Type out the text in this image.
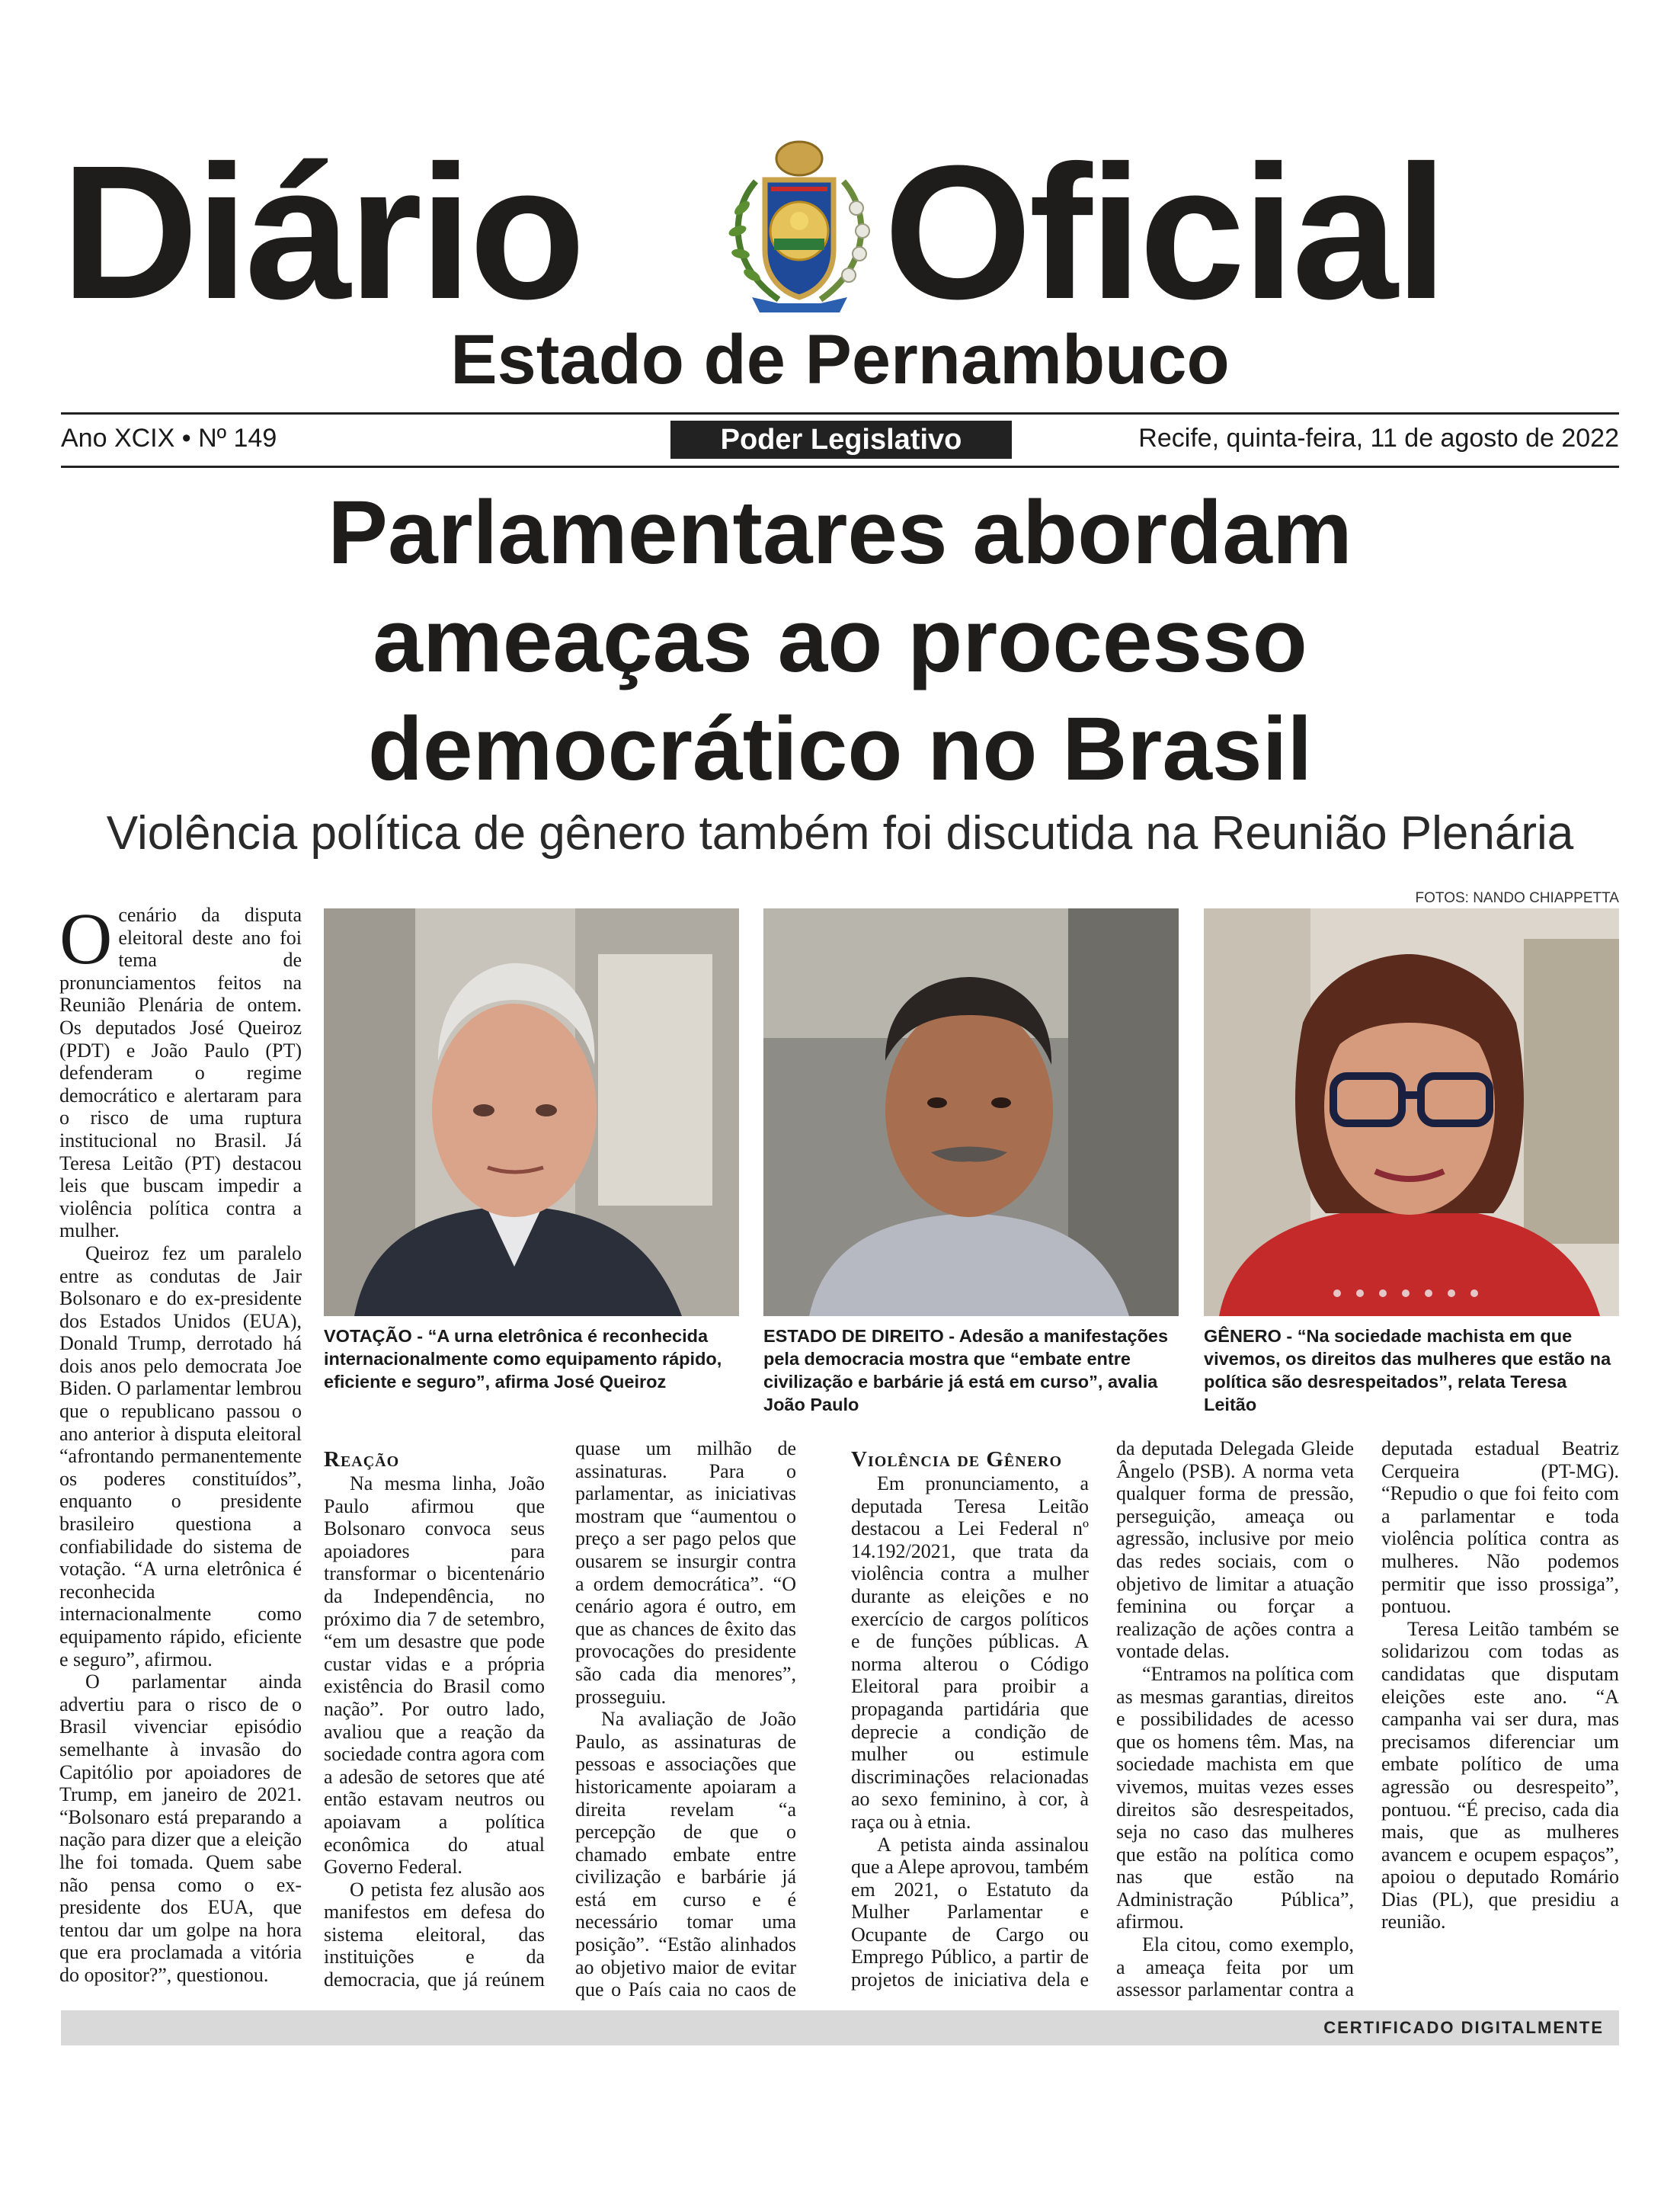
Diário Oficial
Estado de Pernambuco
Ano XCIX • Nº 149	Poder Legislativo	Recife, quinta-feira, 11 de agosto de 2022
Parlamentares abordam
ameaças ao processo
democrático no Brasil
Violência política de gênero também foi discutida na Reunião Plenária
FOTOS: NANDO CHIAPPETTA
VOTAÇÃO - “A urna eletrônica é reconhecida internacionalmente como equipamento rápido, eficiente e seguro”, afirma José Queiroz
ESTADO DE DIREITO - Adesão a manifestações pela democracia mostra que “embate entre civilização e barbárie já está em curso”, avalia João Paulo
GÊNERO - “Na sociedade machista em que vivemos, os direitos das mulheres que estão na política são desrespeitados”, relata Teresa Leitão

O cenário da disputa eleitoral deste ano foi tema de pronunciamentos feitos na Reunião Plenária de ontem. Os deputados José Queiroz (PDT) e João Paulo (PT) defenderam o regime democrático e alertaram para o risco de uma ruptura institucional no Brasil. Já Teresa Leitão (PT) destacou leis que buscam impedir a violência política contra a mulher.

Queiroz fez um paralelo entre as condutas de Jair Bolsonaro e do ex-presidente dos Estados Unidos (EUA), Donald Trump, derrotado há dois anos pelo democrata Joe Biden. O parlamentar lembrou que o republicano passou o ano anterior à disputa eleitoral “afrontando permanentemente os poderes constituídos”, enquanto o presidente brasileiro questiona a confiabilidade do sistema de votação. “A urna eletrônica é reconhecida internacionalmente como equipamento rápido, eficiente e seguro”, afirmou.

O parlamentar ainda advertiu para o risco de o Brasil vivenciar episódio semelhante à invasão do Capitólio por apoiadores de Trump, em janeiro de 2021. “Bolsonaro está preparando a nação para dizer que a eleição lhe foi tomada. Quem sabe não pensa como o ex-presidente dos EUA, que tentou dar um golpe na hora que era proclamada a vitória do opositor?”, questionou.

Reação

Na mesma linha, João Paulo afirmou que Bolsonaro convoca seus apoiadores para transformar o bicentenário da Independência, no próximo dia 7 de setembro, “em um desastre que pode custar vidas e a própria existência do Brasil como nação”. Por outro lado, avaliou que a reação da sociedade contra agora com a adesão de setores que até então estavam neutros ou apoiavam a política econômica do atual Governo Federal.

O petista fez alusão aos manifestos em defesa do sistema eleitoral, das instituições e da democracia, que já reúnem quase um milhão de assinaturas. Para o parlamentar, as iniciativas mostram que “aumentou o preço a ser pago pelos que ousarem se insurgir contra a ordem democrática”. “O cenário agora é outro, em que as chances de êxito das provocações do presidente são cada dia menores”, prosseguiu.

Na avaliação de João Paulo, as assinaturas de pessoas e associações que historicamente apoiaram a direita revelam “a percepção de que o chamado embate entre civilização e barbárie já está em curso e é necessário tomar uma posição”. “Estão alinhados ao objetivo maior de evitar que o País caia no caos de

Violência de Gênero

Em pronunciamento, a deputada Teresa Leitão destacou a Lei Federal nº 14.192/2021, que trata da violência contra a mulher durante as eleições e no exercício de cargos políticos e de funções públicas. A norma alterou o Código Eleitoral para proibir a propaganda partidária que deprecie a condição de mulher ou estimule discriminações relacionadas ao sexo feminino, à cor, à raça ou à etnia.

A petista ainda assinalou que a Alepe aprovou, também em 2021, o Estatuto da Mulher Parlamentar e Ocupante de Cargo ou Emprego Público, a partir de projetos de iniciativa dela e da deputada Delegada Gleide Ângelo (PSB). A norma veta qualquer forma de pressão, perseguição, ameaça ou agressão, inclusive por meio das redes sociais, com o objetivo de limitar a atuação feminina ou forçar a realização de ações contra a vontade delas.

“Entramos na política com as mesmas garantias, direitos e possibilidades de acesso que os homens têm. Mas, na sociedade machista em que vivemos, muitas vezes esses direitos são desrespeitados, seja no caso das mulheres que estão na política como nas que estão na Administração Pública”, afirmou.

Ela citou, como exemplo, a ameaça feita por um assessor parlamentar contra a deputada estadual Beatriz Cerqueira (PT-MG). “Repudio o que foi feito com a parlamentar e toda violência política contra as mulheres. Não podemos permitir que isso prossiga”, pontuou.

Teresa Leitão também se solidarizou com todas as candidatas que disputam eleições este ano. “A campanha vai ser dura, mas precisamos diferenciar um embate político de uma agressão ou desrespeito”, pontuou. “É preciso, cada dia mais, que as mulheres avancem e ocupem espaços”, apoiou o deputado Romário Dias (PL), que presidiu a reunião.

CERTIFICADO DIGITALMENTE
